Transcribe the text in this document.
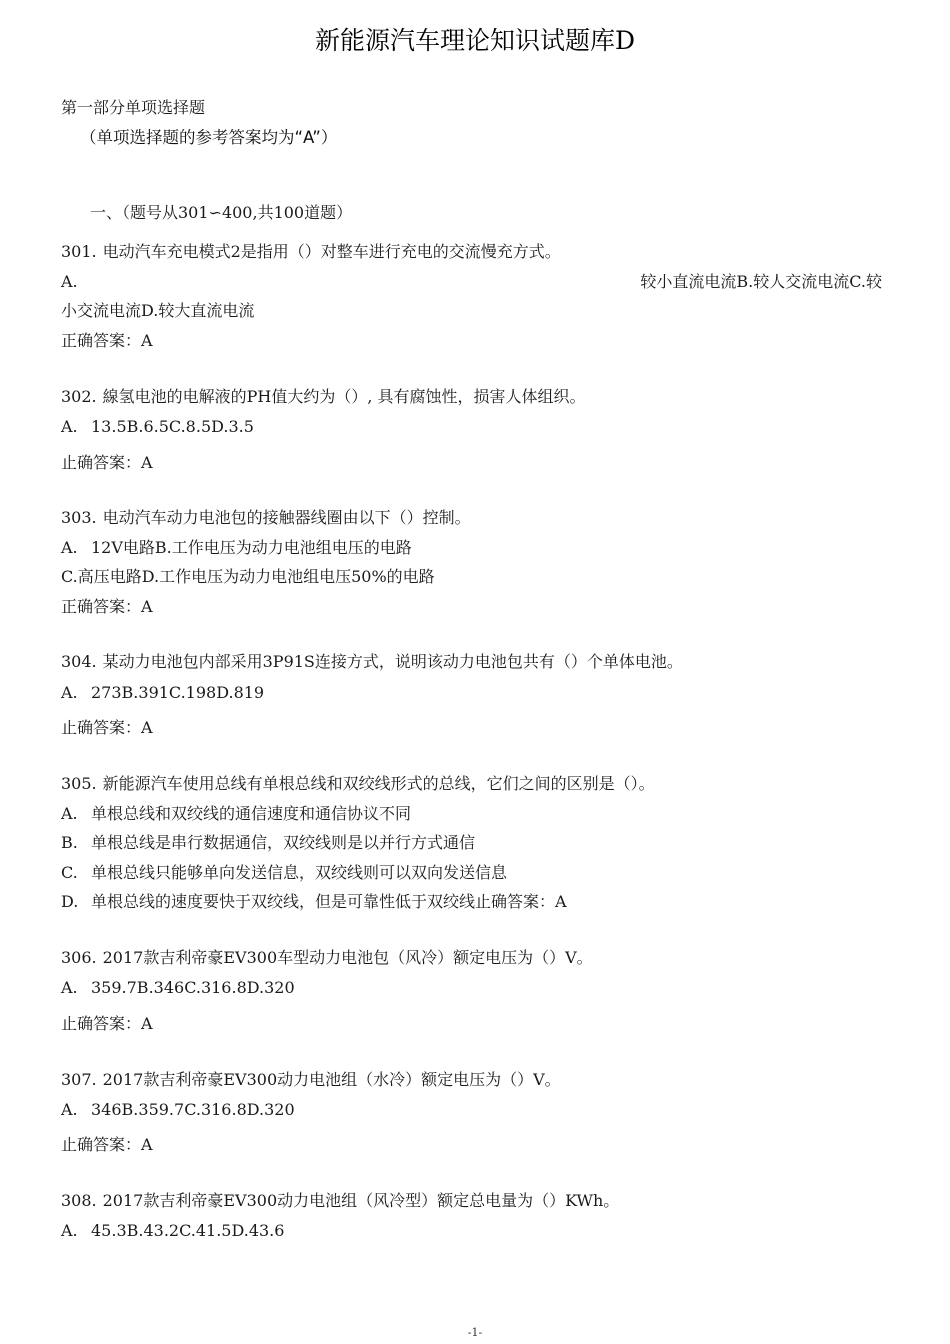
新能源汽车理论知识试题库D
第一部分单项选择题
（单项选择题的参考答案均为“A”）
一、（题号从301∽400,共100道题）
301. 电动汽车充电模式2是指用（）对整车进行充电的交流慢充方式。
A.	较小直流电流B.较人交流电流C.较
小交流电流D.较大直流电流
正确答案：A
302. 線氢电池的电解液的PH值大约为（）, 具有腐蚀性，损害人体组织。
A. 13.5B.6.5C.8.5D.3.5
止确答案：A
303. 电动汽车动力电池包的接触器线圈由以下（）控制。
A. 12V电路B.工作电压为动力电池组电压的电路
C.高压电路D.工作电压为动力电池组电压50%的电路
正确答案：A
304. 某动力电池包内部采用3P91S连接方式，说明该动力电池包共有（）个单体电池。
A. 273B.391C.198D.819
止确答案：A
305. 新能源汽车使用总线有单根总线和双绞线形式的总线，它们之间的区别是（）。
A. 单根总线和双绞线的通信速度和通信协议不同
B. 单根总线是串行数据通信，双绞线则是以并行方式通信
C. 单根总线只能够单向发送信息，双绞线则可以双向发送信息
D. 单根总线的速度要快于双绞线，但是可靠性低于双绞线止确答案：A
306. 2017款吉利帝豪EV300车型动力电池包（风冷）额定电压为（）V。
A. 359.7B.346C.316.8D.320
止确答案：A
307. 2017款吉利帝豪EV300动力电池组（水冷）额定电压为（）V。
A. 346B.359.7C.316.8D.320
止确答案：A
308. 2017款吉利帝豪EV300动力电池组（风冷型）额定总电量为（）KWh。
A. 45.3B.43.2C.41.5D.43.6
-1-
